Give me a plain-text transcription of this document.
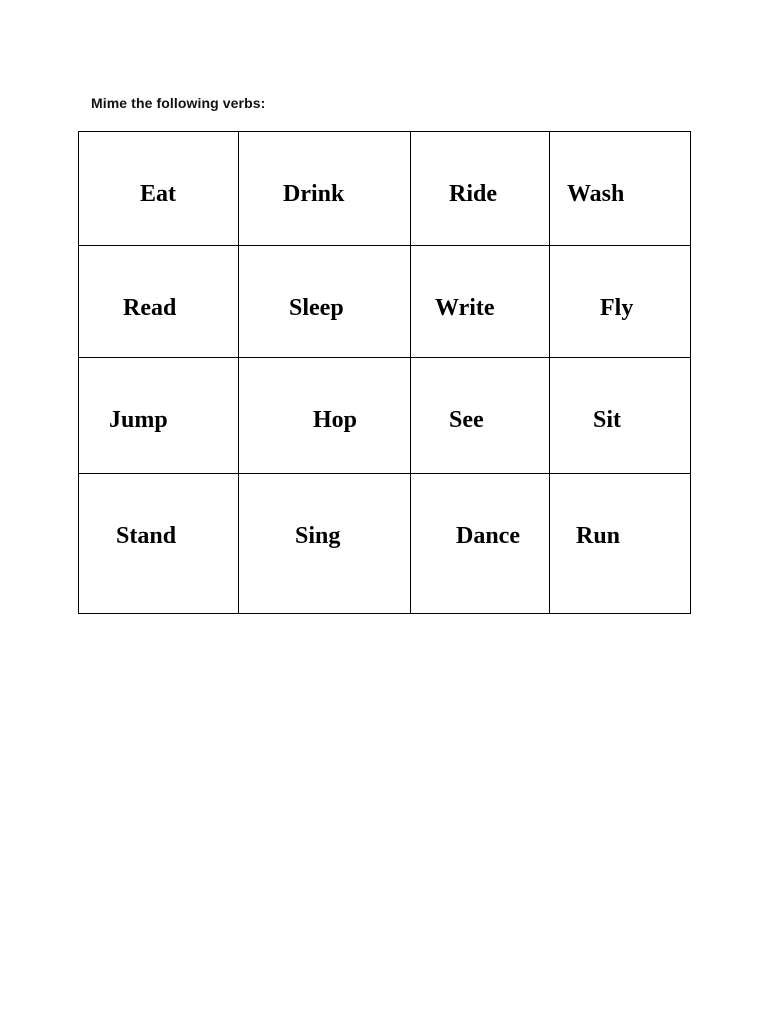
Mime the following verbs:
Eat	Drink	Ride	Wash

Read	Sleep	Write	Fly

Jump	Hop	See	Sit

Stand	Sing	Dance	Run
